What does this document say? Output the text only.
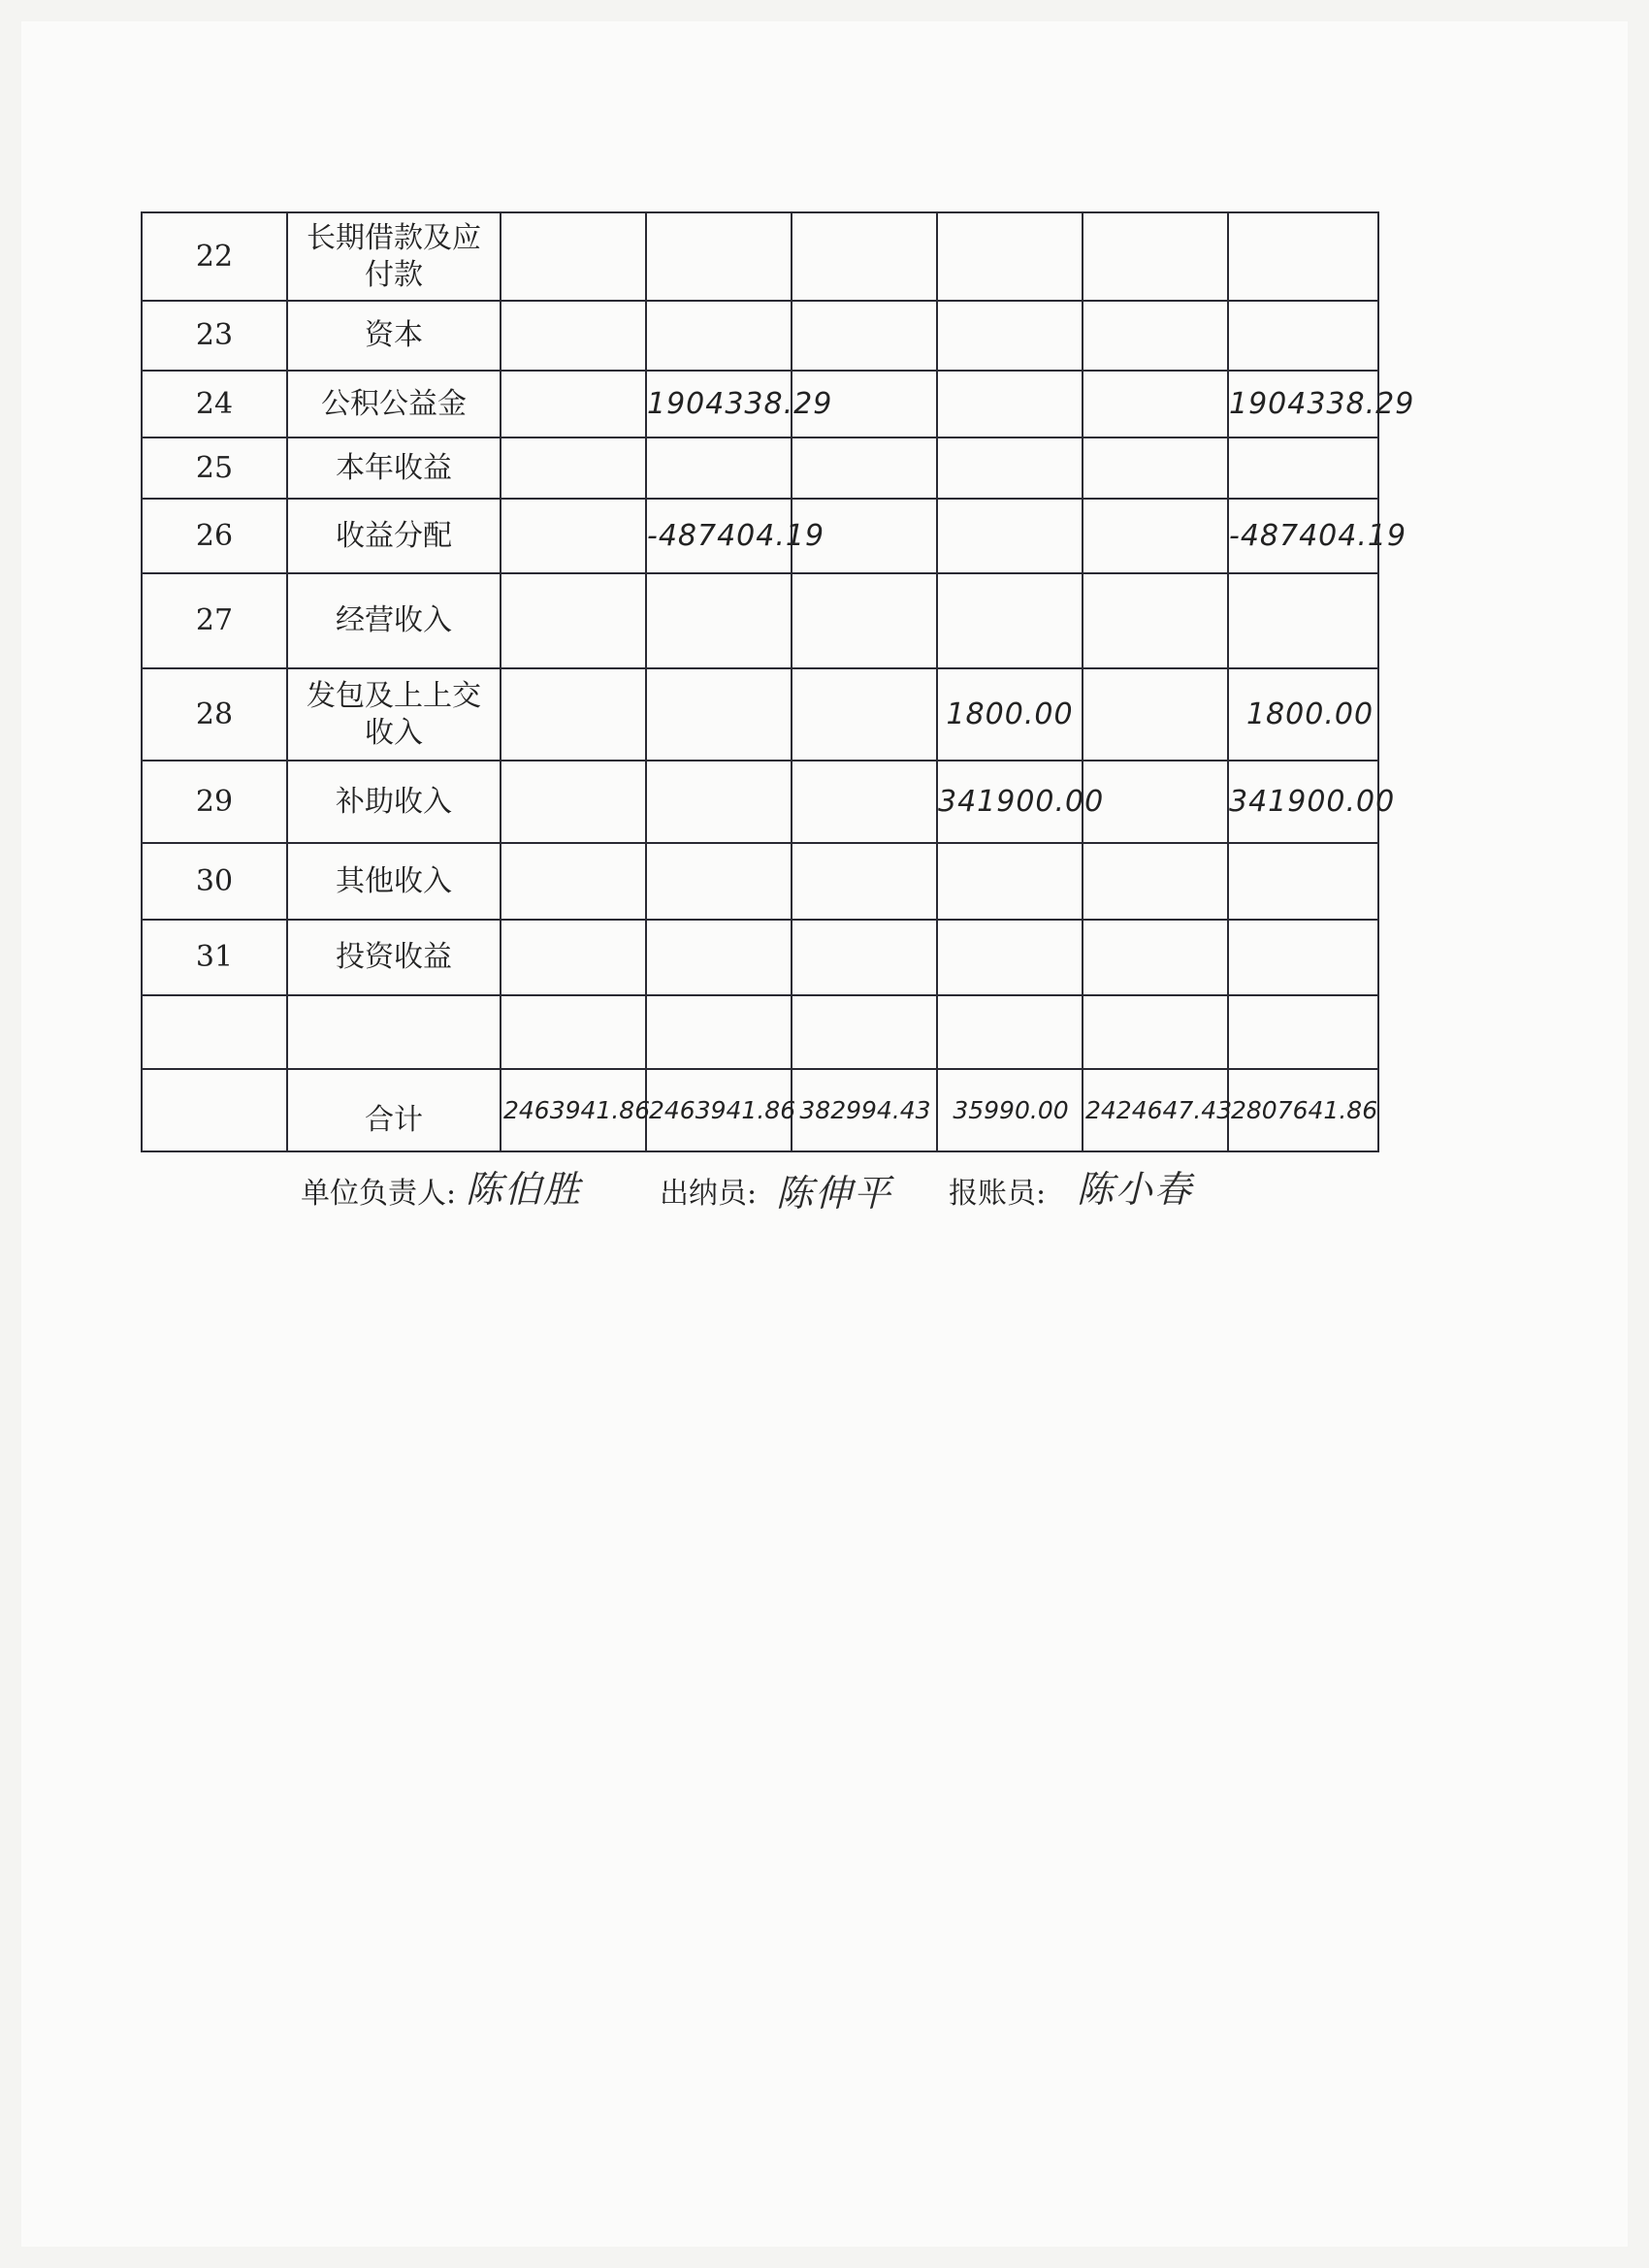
22	长期借款及应付款						
23	资本						
24	公积公益金		1904338.29				1904338.29
25	本年收益						
26	收益分配		-487404.19				-487404.19
27	经营收入						
28	发包及上上交收入				1800.00		1800.00
29	补助收入				341900.00		341900.00
30	其他收入						
31	投资收益						

	合计	2463941.86	2463941.86	382994.43	35990.00	2424647.43	2807641.86
单位负责人: 陈伯胜	出纳员: 陈伸平 报账员: 陈小春
